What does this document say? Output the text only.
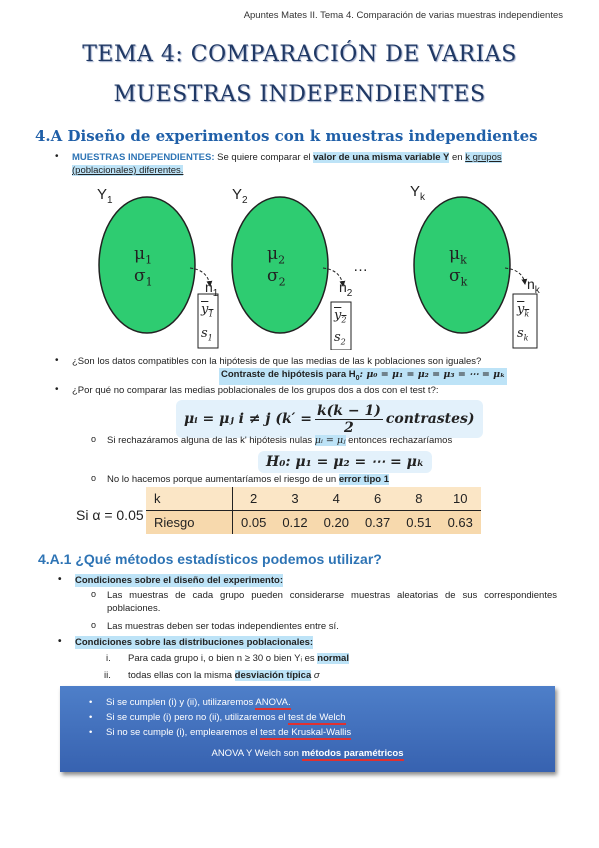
Apuntes Mates II. Tema 4. Comparación de varias muestras independientes
TEMA 4: COMPARACIÓN DE VARIAS
MUESTRAS INDEPENDIENTES
4.A Diseño de experimentos con k muestras independientes
• MUESTRAS INDEPENDIENTES: Se quiere comparar el valor de una misma variable Y en k grupos
(poblacionales) diferentes.
$Y_1$
$\mu_1$
$\sigma_1$	$n_1$
$y_1$
$s_1$
$Y_2$
$\mu_2$
$\sigma_2$	$n_2$
…
$y_2$
$s_2$
$Y_k$
$\mu_k$
$\sigma_k$	$n_k$
$y_k$
$s_k$
• ¿Son los datos compatibles con la hipótesis de que las medias de las k poblaciones son iguales?
Contraste de hipótesis para $H_0$: μ₀ = μ₁ = μ₂ = μ₃ = ⋯ = μₖ
• ¿Por qué no comparar las medias poblacionales de los grupos dos a dos con el test t?:
μᵢ = μⱼ i ≠ j ($k' = \frac{k(k - 1)}{2}$ contrastes)
o Si rechazáramos alguna de las k' hipótesis nulas μᵢ = μⱼ entonces rechazaríamos
H₀: μ₁ = μ₂ = ⋯ = μₖ
o No lo hacemos porque aumentaríamos el riesgo de un error tipo 1
Si α = 0.05
k	2	3	4	6	8	10
Riesgo	0.05	0.12	0.20	0.37	0.51	0.63
4.A.1 ¿Qué métodos estadísticos podemos utilizar?
• Condiciones sobre el diseño del experimento:
o Las muestras de cada grupo pueden considerarse muestras aleatorias de sus correspondientes poblaciones.
o Las muestras deben ser todas independientes entre sí.
• Condiciones sobre las distribuciones poblacionales:
i. Para cada grupo i, o bien n ≥ 30 o bien Yᵢ es normal
ii. todas ellas con la misma desviación típica σ
• Si se cumplen (i) y (ii), utilizaremos ANOVA.
• Si se cumple (i) pero no (ii), utilizaremos el test de Welch
• Si no se cumple (i), emplearemos el test de Kruskal-Wallis
ANOVA Y Welch son métodos paramétricos
